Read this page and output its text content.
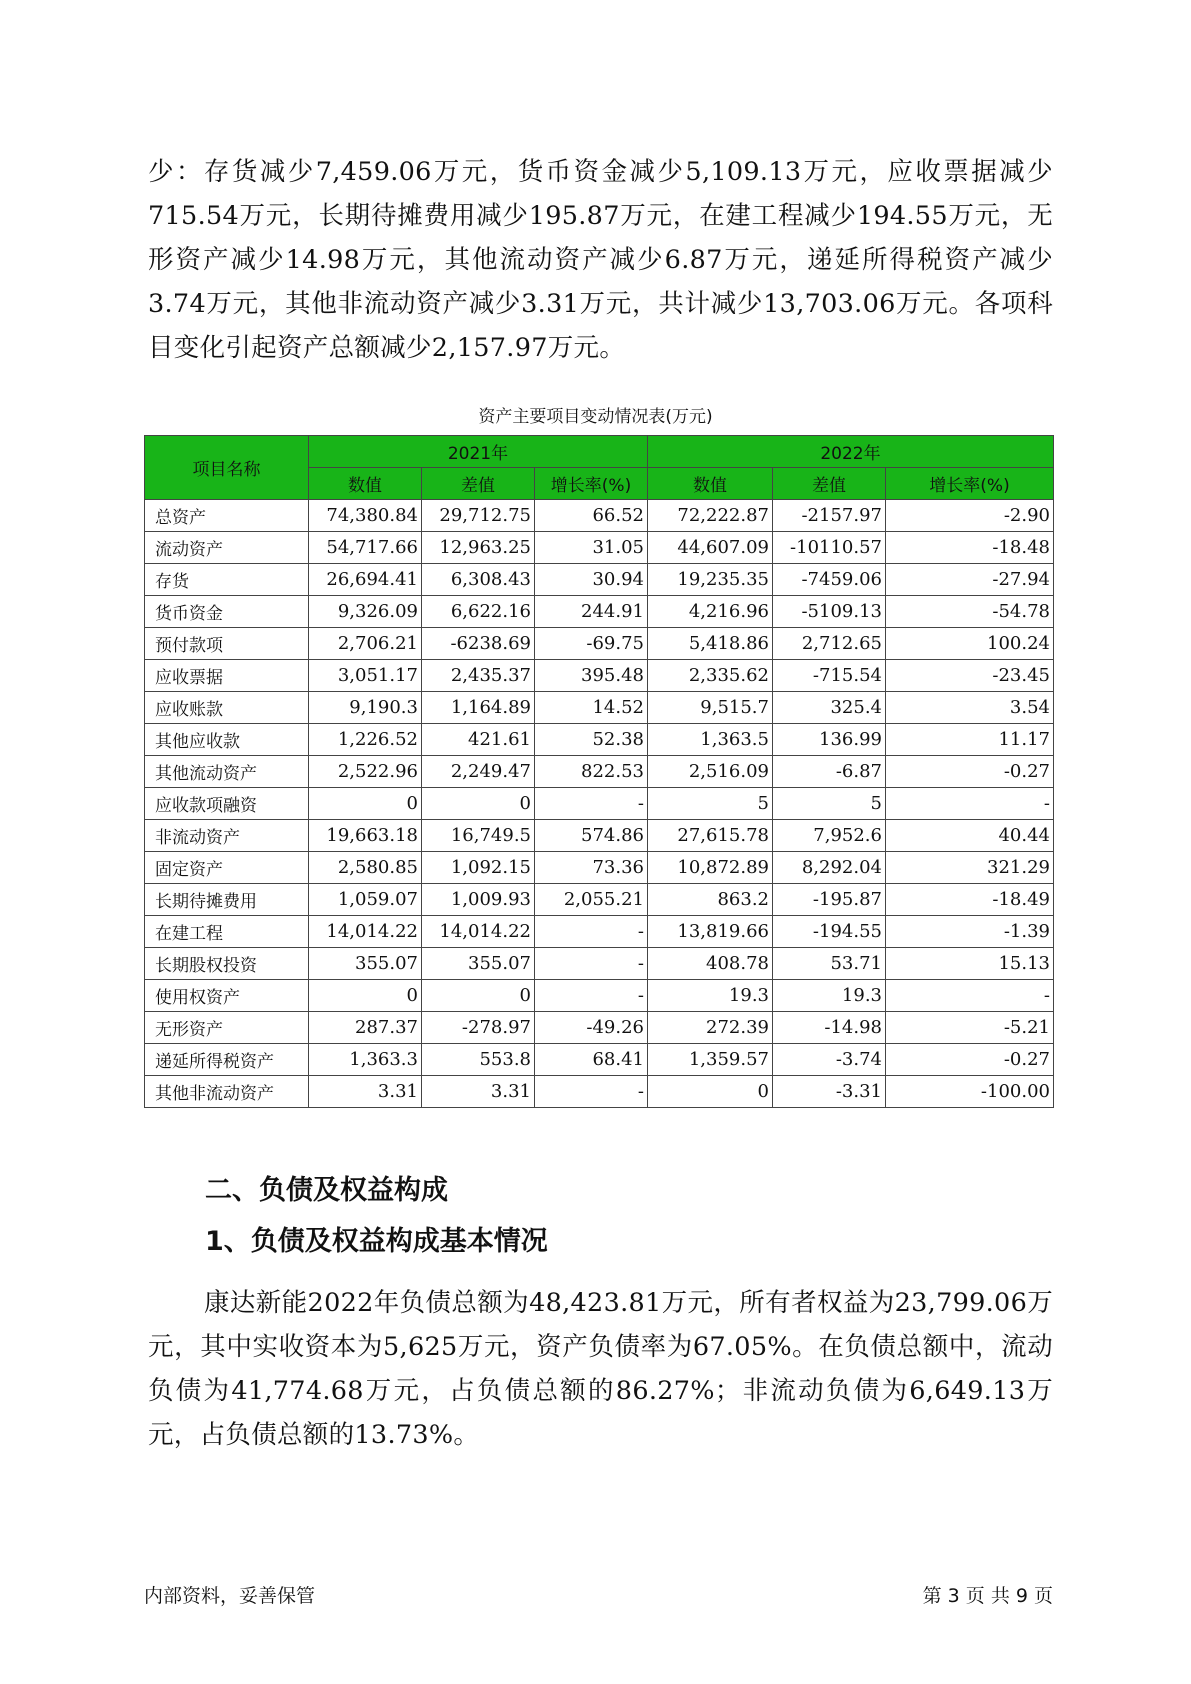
少：存货减少7,459.06万元，货币资金减少5,109.13万元，应收票据减少715.54万元，长期待摊费用减少195.87万元，在建工程减少194.55万元，无形资产减少14.98万元，其他流动资产减少6.87万元，递延所得税资产减少3.74万元，其他非流动资产减少3.31万元，共计减少13,703.06万元。各项科目变化引起资产总额减少2,157.97万元。

资产主要项目变动情况表(万元)
项目名称	2021年			2022年		
	数值	差值	增长率(%)	数值	差值	增长率(%)
总资产	74,380.84	29,712.75	66.52	72,222.87	-2157.97	-2.90
流动资产	54,717.66	12,963.25	31.05	44,607.09	-10110.57	-18.48
存货	26,694.41	6,308.43	30.94	19,235.35	-7459.06	-27.94
货币资金	9,326.09	6,622.16	244.91	4,216.96	-5109.13	-54.78
预付款项	2,706.21	-6238.69	-69.75	5,418.86	2,712.65	100.24
应收票据	3,051.17	2,435.37	395.48	2,335.62	-715.54	-23.45
应收账款	9,190.3	1,164.89	14.52	9,515.7	325.4	3.54
其他应收款	1,226.52	421.61	52.38	1,363.5	136.99	11.17
其他流动资产	2,522.96	2,249.47	822.53	2,516.09	-6.87	-0.27
应收款项融资	0	0	-	5	5	-
非流动资产	19,663.18	16,749.5	574.86	27,615.78	7,952.6	40.44
固定资产	2,580.85	1,092.15	73.36	10,872.89	8,292.04	321.29
长期待摊费用	1,059.07	1,009.93	2,055.21	863.2	-195.87	-18.49
在建工程	14,014.22	14,014.22	-	13,819.66	-194.55	-1.39
长期股权投资	355.07	355.07	-	408.78	53.71	15.13
使用权资产	0	0	-	19.3	19.3	-
无形资产	287.37	-278.97	-49.26	272.39	-14.98	-5.21
递延所得税资产	1,363.3	553.8	68.41	1,359.57	-3.74	-0.27
其他非流动资产	3.31	3.31	-	0	-3.31	-100.00
二、负债及权益构成
1、负债及权益构成基本情况

康达新能2022年负债总额为48,423.81万元，所有者权益为23,799.06万元，其中实收资本为5,625万元，资产负债率为67.05%。在负债总额中，流动负债为41,774.68万元，占负债总额的86.27%；非流动负债为6,649.13万元，占负债总额的13.73%。

内部资料，妥善保管	第 3 页 共 9 页
